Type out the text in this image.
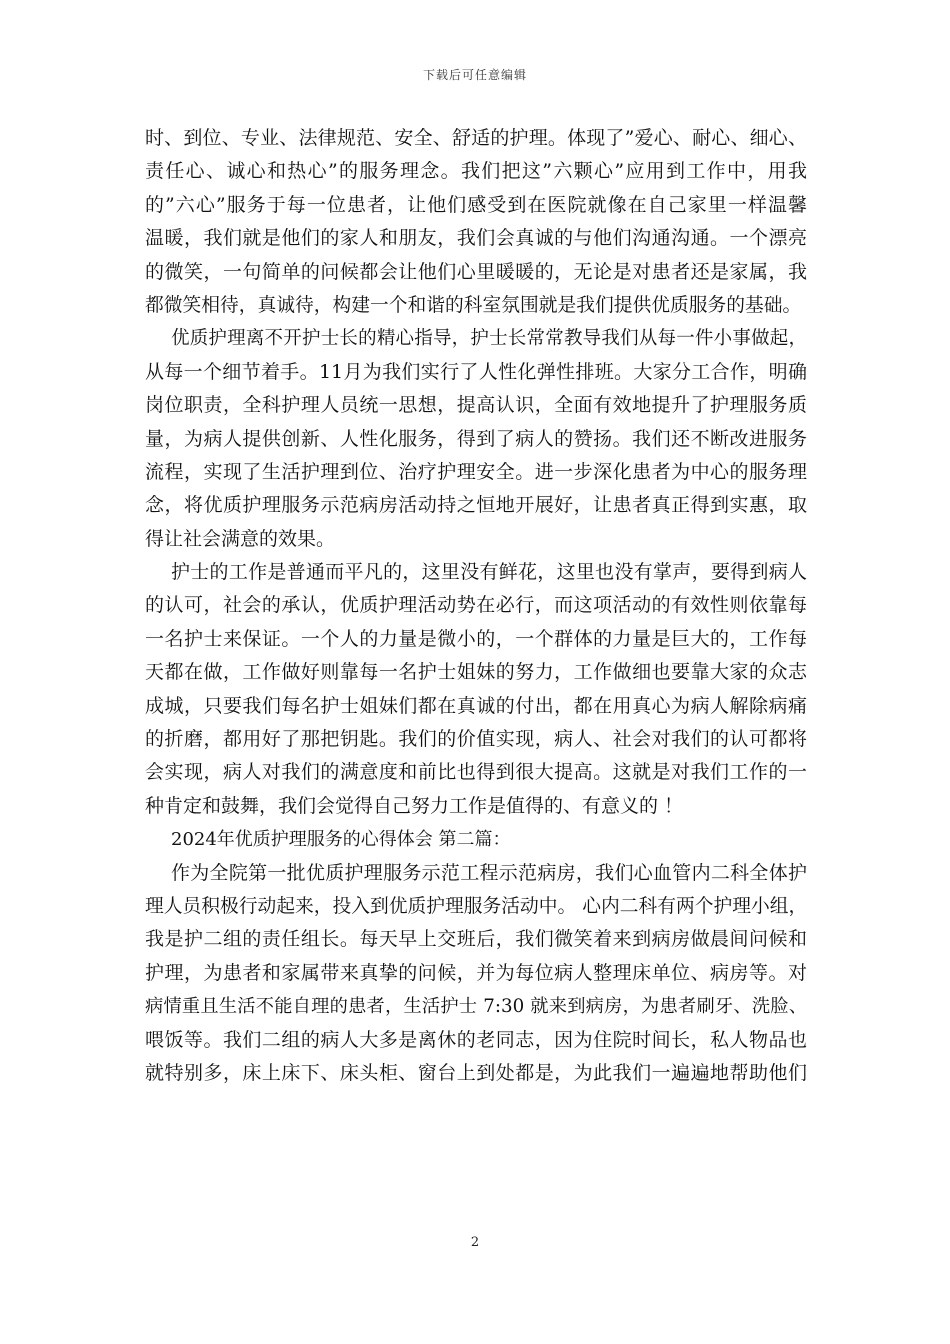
下载后可任意编辑
时、到位、专业、法律规范、安全、舒适的护理。体现了”爱心、耐心、细心、
责任心、诚心和热心”的服务理念。我们把这”六颗心”应用到工作中，用我
的”六心”服务于每一位患者，让他们感受到在医院就像在自己家里一样温馨
温暖，我们就是他们的家人和朋友，我们会真诚的与他们沟通沟通。一个漂亮
的微笑，一句简单的问候都会让他们心里暖暖的，无论是对患者还是家属，我
都微笑相待，真诚待，构建一个和谐的科室氛围就是我们提供优质服务的基础。
优质护理离不开护士长的精心指导，护士长常常教导我们从每一件小事做起，
从每一个细节着手。11月为我们实行了人性化弹性排班。大家分工合作，明确
岗位职责，全科护理人员统一思想，提高认识，全面有效地提升了护理服务质
量，为病人提供创新、人性化服务，得到了病人的赞扬。我们还不断改进服务
流程，实现了生活护理到位、治疗护理安全。进一步深化患者为中心的服务理
念，将优质护理服务示范病房活动持之恒地开展好，让患者真正得到实惠，取
得让社会满意的效果。
护士的工作是普通而平凡的，这里没有鲜花，这里也没有掌声，要得到病人
的认可，社会的承认，优质护理活动势在必行，而这项活动的有效性则依靠每
一名护士来保证。一个人的力量是微小的，一个群体的力量是巨大的，工作每
天都在做，工作做好则靠每一名护士姐妹的努力，工作做细也要靠大家的众志
成城，只要我们每名护士姐妹们都在真诚的付出，都在用真心为病人解除病痛
的折磨，都用好了那把钥匙。我们的价值实现，病人、社会对我们的认可都将
会实现，病人对我们的满意度和前比也得到很大提高。这就是对我们工作的一
种肯定和鼓舞，我们会觉得自己努力工作是值得的、有意义的 ！
2024年优质护理服务的心得体会 第二篇：
作为全院第一批优质护理服务示范工程示范病房，我们心血管内二科全体护
理人员积极行动起来，投入到优质护理服务活动中。 心内二科有两个护理小组，
我是护二组的责任组长。每天早上交班后，我们微笑着来到病房做晨间问候和
护理，为患者和家属带来真挚的问候，并为每位病人整理床单位、病房等。对
病情重且生活不能自理的患者，生活护士 7:30 就来到病房，为患者刷牙、洗脸、
喂饭等。我们二组的病人大多是离休的老同志，因为住院时间长，私人物品也
就特别多，床上床下、床头柜、窗台上到处都是，为此我们一遍遍地帮助他们
2
